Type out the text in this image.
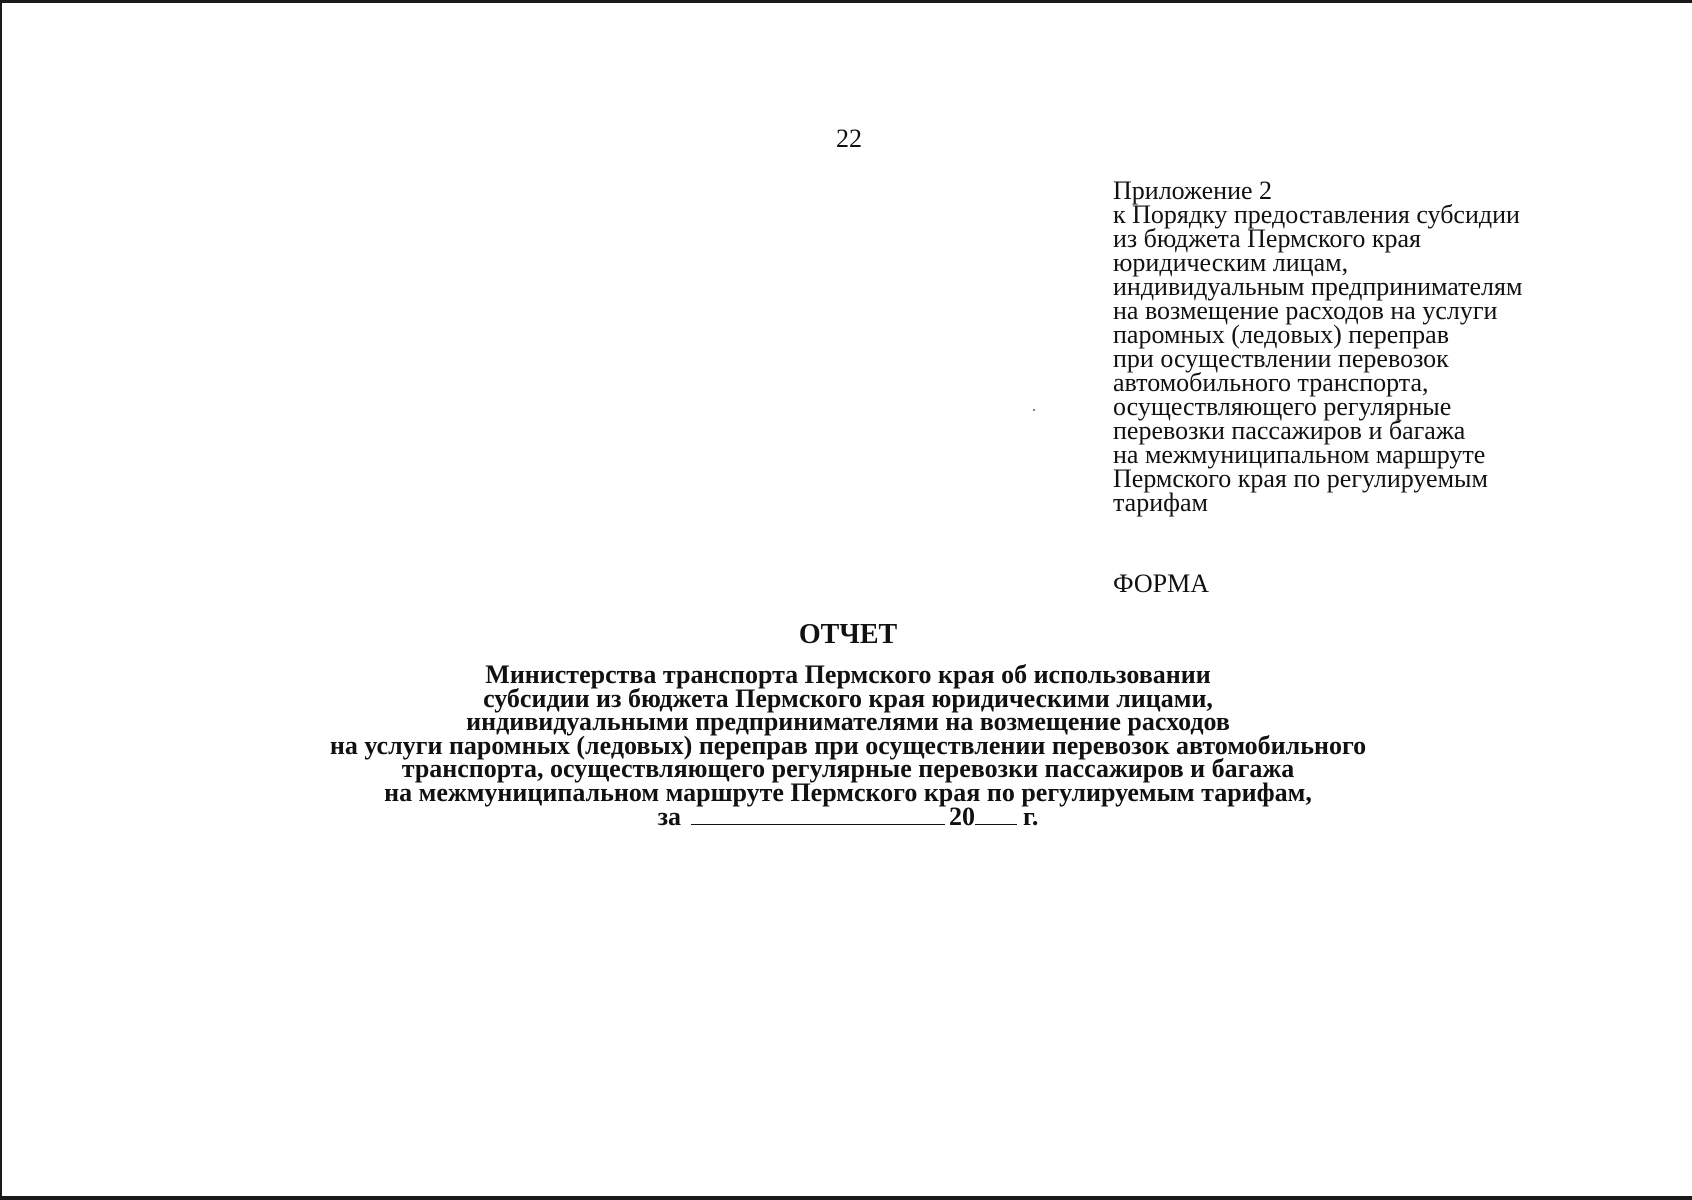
22
Приложение 2
к Порядку предоставления субсидии
из бюджета Пермского края
юридическим лицам,
индивидуальным предпринимателям
на возмещение расходов на услуги
паромных (ледовых) переправ
при осуществлении перевозок
автомобильного транспорта,
осуществляющего регулярные
перевозки пассажиров и багажа
на межмуниципальном маршруте
Пермского края по регулируемым
тарифам
ФОРМА
ОТЧЕТ
Министерства транспорта Пермского края об использовании
субсидии из бюджета Пермского края юридическими лицами,
индивидуальными предпринимателями на возмещение расходов
на услуги паромных (ледовых) переправ при осуществлении перевозок автомобильного
транспорта, осуществляющего регулярные перевозки пассажиров и багажа
на межмуниципальном маршруте Пермского края по регулируемым тарифам,
за	20 г.
